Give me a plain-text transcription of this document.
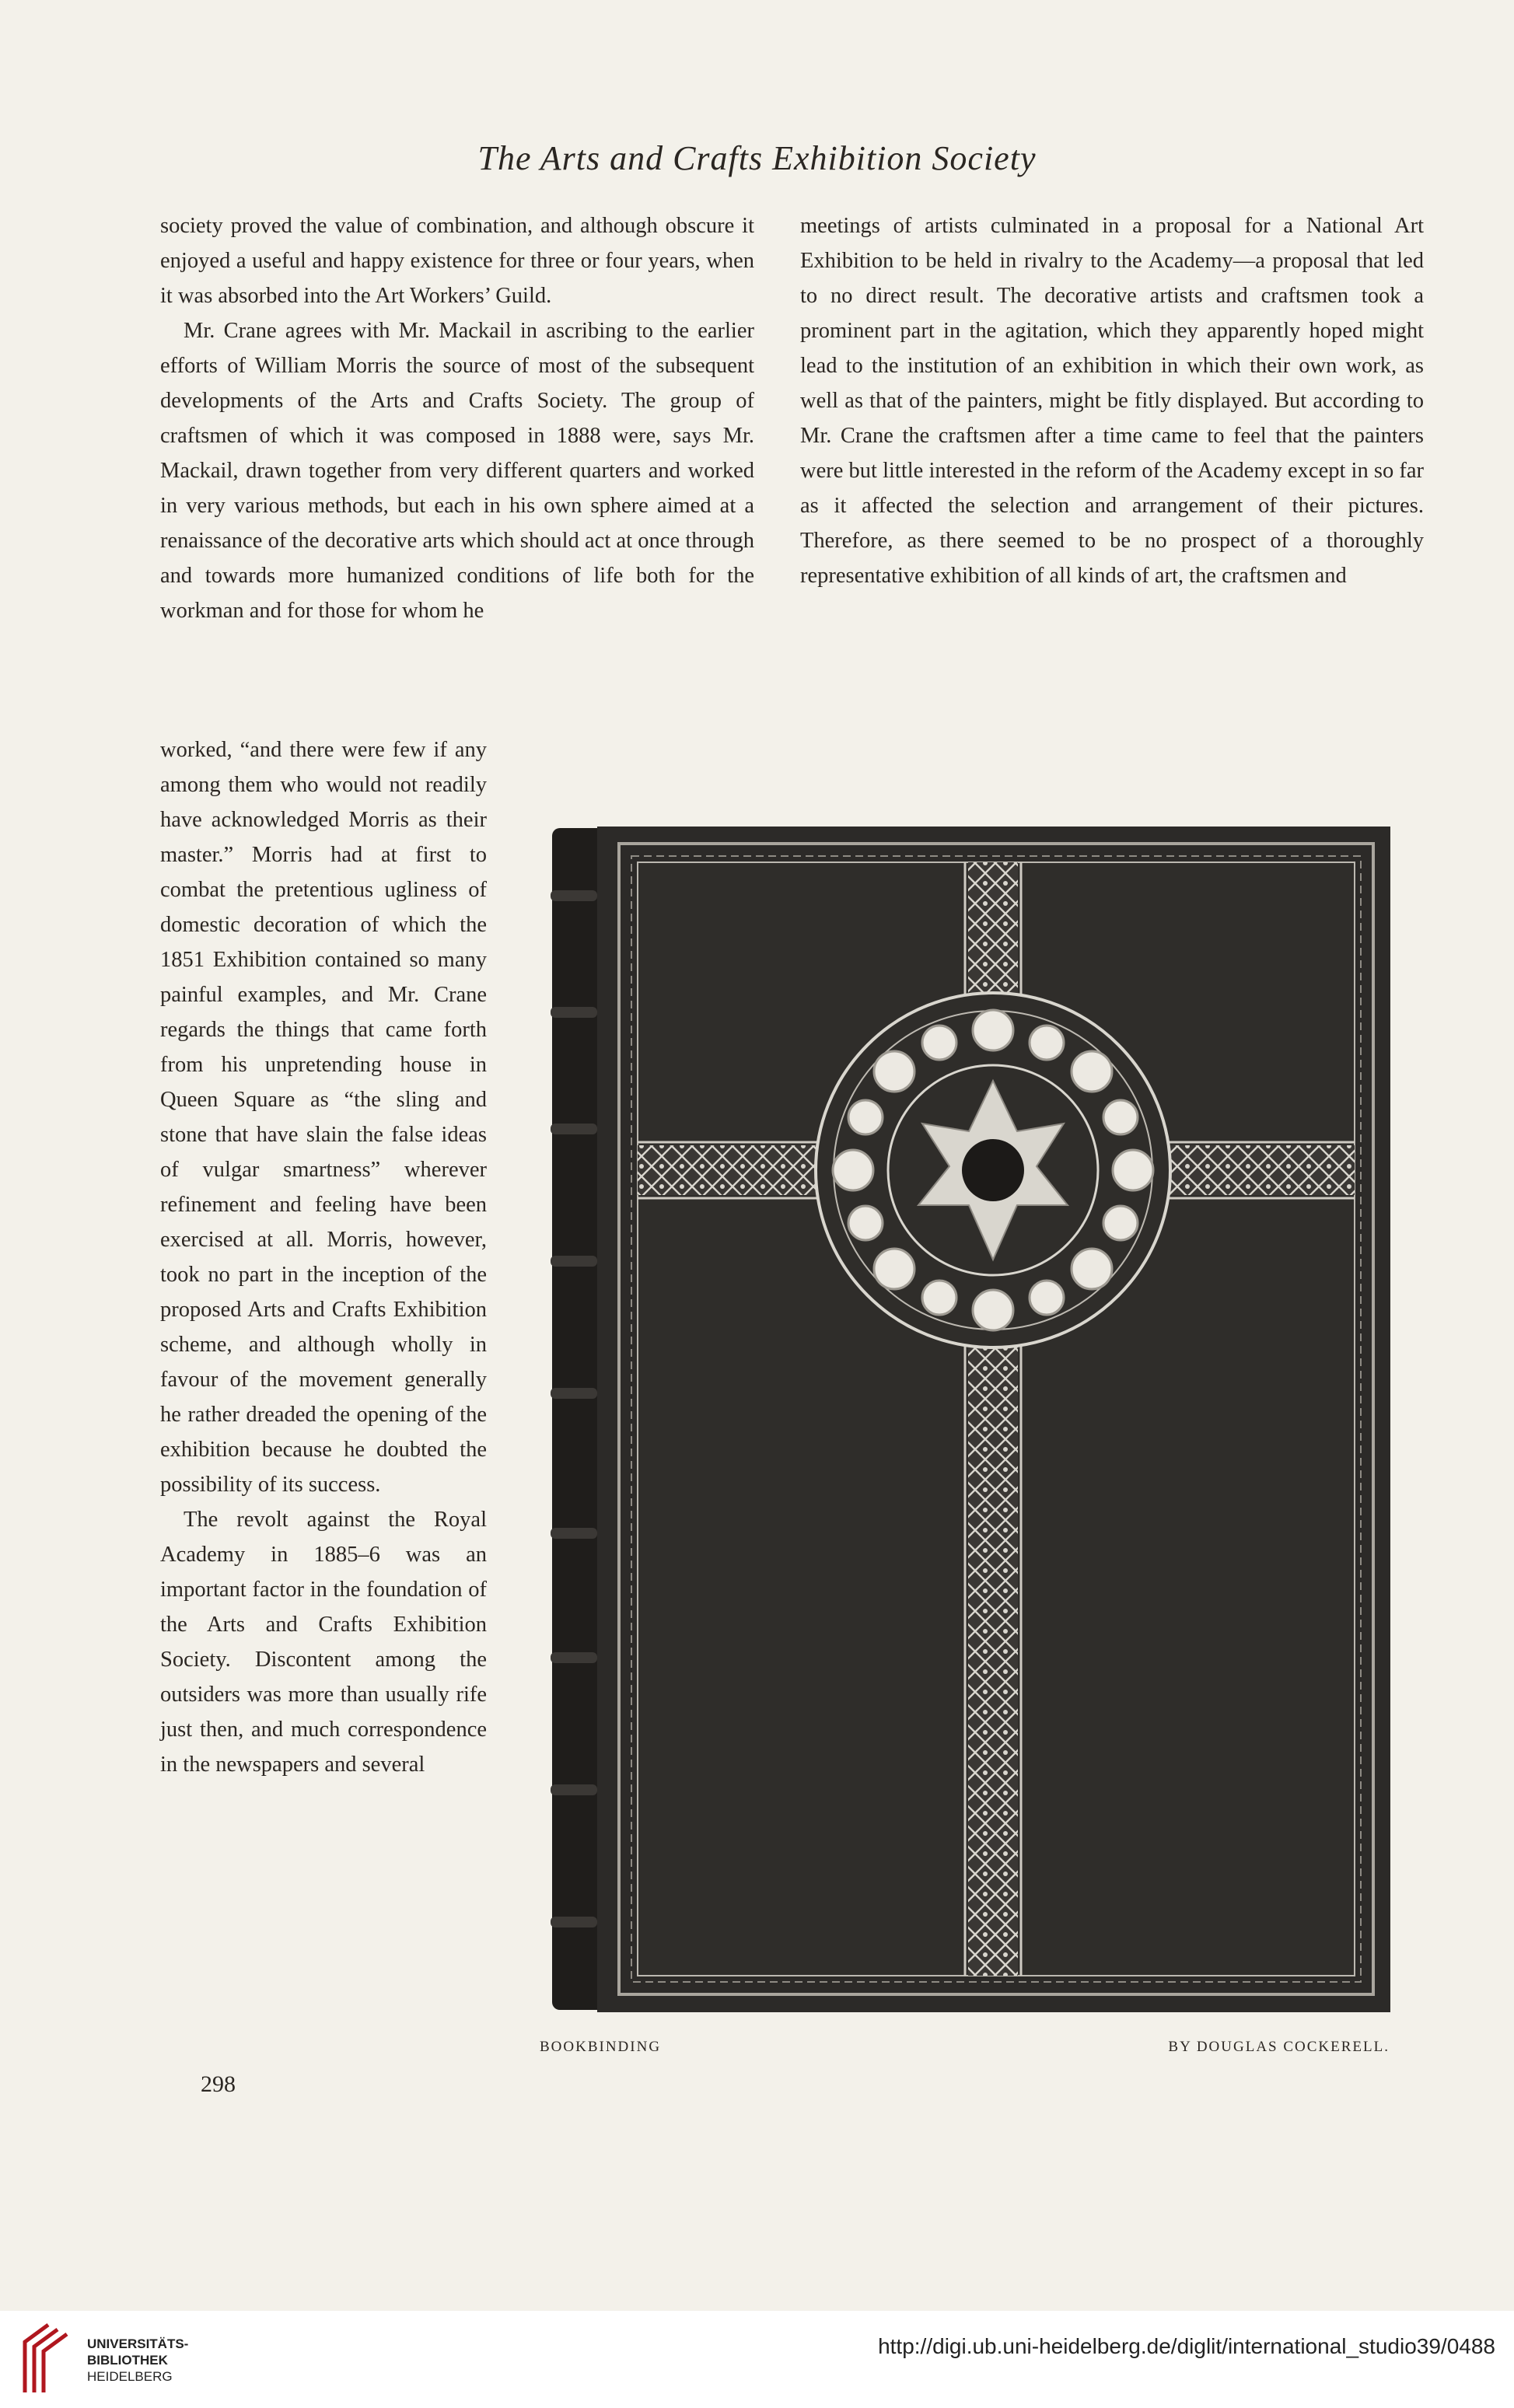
The Arts and Crafts Exhibition Society

society proved the value of combination, and although obscure it enjoyed a useful and happy existence for three or four years, when it was absorbed into the Art Workers’ Guild.

Mr. Crane agrees with Mr. Mackail in ascribing to the earlier efforts of William Morris the source of most of the subsequent developments of the Arts and Crafts Society. The group of craftsmen of which it was composed in 1888 were, says Mr. Mackail, drawn together from very different quarters and worked in very various methods, but each in his own sphere aimed at a renaissance of the decorative arts which should act at once through and towards more humanized conditions of life both for the workman and for those for whom he

worked, “and there were few if any among them who would not readily have acknowledged Morris as their master.” Morris had at first to combat the pretentious ugliness of domestic decoration of which the 1851 Exhibition contained so many painful examples, and Mr. Crane regards the things that came forth from his unpretending house in Queen Square as “the sling and stone that have slain the false ideas of vulgar smartness” wherever refinement and feeling have been exercised at all. Morris, however, took no part in the inception of the proposed Arts and Crafts Exhibition scheme, and although wholly in favour of the movement generally he rather dreaded the opening of the exhibition because he doubted the possibility of its success.

The revolt against the Royal Academy in 1885–6 was an important factor in the foundation of the Arts and Crafts Exhibition Society. Discontent among the outsiders was more than usually rife just then, and much correspondence in the newspapers and several

meetings of artists culminated in a proposal for a National Art Exhibition to be held in rivalry to the Academy—a proposal that led to no direct result. The decorative artists and craftsmen took a prominent part in the agitation, which they apparently hoped might lead to the institution of an exhibition in which their own work, as well as that of the painters, might be fitly displayed. But according to Mr. Crane the craftsmen after a time came to feel that the painters were but little interested in the reform of the Academy except in so far as it affected the selection and arrangement of their pictures. Therefore, as there seemed to be no prospect of a thoroughly representative exhibition of all kinds of art, the craftsmen and

BOOKBINDING	BY DOUGLAS COCKERELL.
298
UNIVERSITÄTS-
BIBLIOTHEK
HEIDELBERG
http://digi.ub.uni-heidelberg.de/diglit/international_studio39/0488
